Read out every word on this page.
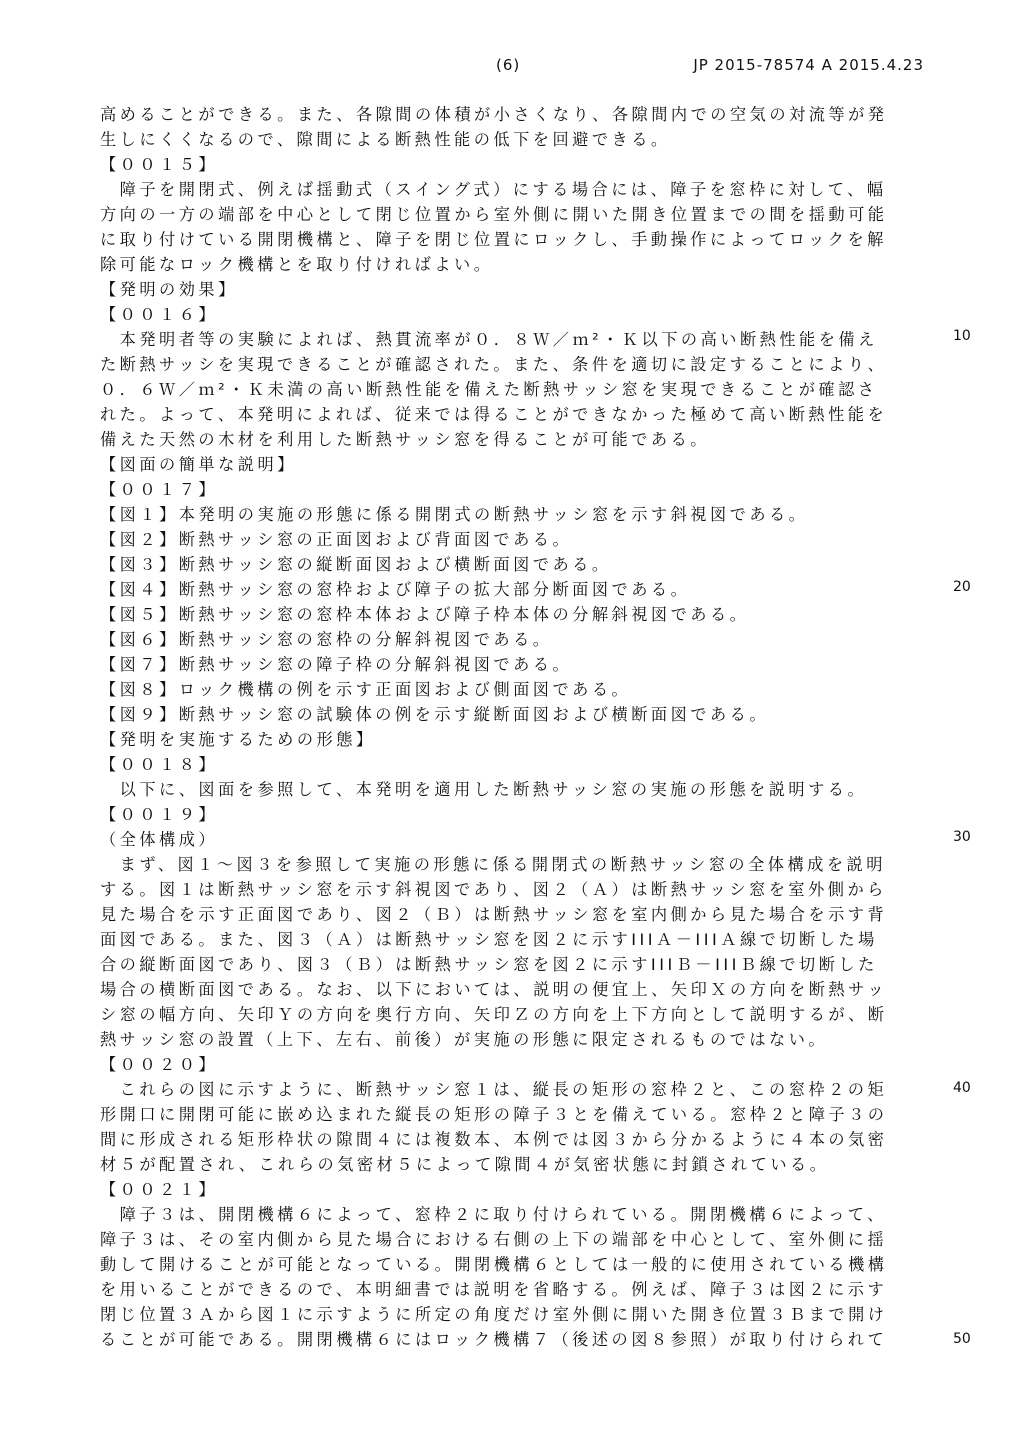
(6)	JP 2015-78574 A 2015.4.23
高めることができる。また、各隙間の体積が小さくなり、各隙間内での空気の対流等が発
生しにくくなるので、隙間による断熱性能の低下を回避できる。
【００１５】
　障子を開閉式、例えば揺動式（スイング式）にする場合には、障子を窓枠に対して、幅
方向の一方の端部を中心として閉じ位置から室外側に開いた開き位置までの間を揺動可能
に取り付けている開閉機構と、障子を閉じ位置にロックし、手動操作によってロックを解
除可能なロック機構とを取り付ければよい。
【発明の効果】
【００１６】
　本発明者等の実験によれば、熱貫流率が０．８Ｗ／ｍ²・Ｋ以下の高い断熱性能を備え
た断熱サッシを実現できることが確認された。また、条件を適切に設定することにより、
０．６Ｗ／ｍ²・Ｋ未満の高い断熱性能を備えた断熱サッシ窓を実現できることが確認さ
れた。よって、本発明によれば、従来では得ることができなかった極めて高い断熱性能を
備えた天然の木材を利用した断熱サッシ窓を得ることが可能である。
【図面の簡単な説明】
【００１７】
【図１】本発明の実施の形態に係る開閉式の断熱サッシ窓を示す斜視図である。
【図２】断熱サッシ窓の正面図および背面図である。
【図３】断熱サッシ窓の縦断面図および横断面図である。
【図４】断熱サッシ窓の窓枠および障子の拡大部分断面図である。
【図５】断熱サッシ窓の窓枠本体および障子枠本体の分解斜視図である。
【図６】断熱サッシ窓の窓枠の分解斜視図である。
【図７】断熱サッシ窓の障子枠の分解斜視図である。
【図８】ロック機構の例を示す正面図および側面図である。
【図９】断熱サッシ窓の試験体の例を示す縦断面図および横断面図である。
【発明を実施するための形態】
【００１８】
　以下に、図面を参照して、本発明を適用した断熱サッシ窓の実施の形態を説明する。
【００１９】
（全体構成）
　まず、図１～図３を参照して実施の形態に係る開閉式の断熱サッシ窓の全体構成を説明
する。図１は断熱サッシ窓を示す斜視図であり、図２（Ａ）は断熱サッシ窓を室外側から
見た場合を示す正面図であり、図２（Ｂ）は断熱サッシ窓を室内側から見た場合を示す背
面図である。また、図３（Ａ）は断熱サッシ窓を図２に示すIIIＡ－IIIＡ線で切断した場
合の縦断面図であり、図３（Ｂ）は断熱サッシ窓を図２に示すIIIＢ－IIIＢ線で切断した
場合の横断面図である。なお、以下においては、説明の便宜上、矢印Ｘの方向を断熱サッ
シ窓の幅方向、矢印Ｙの方向を奥行方向、矢印Ｚの方向を上下方向として説明するが、断
熱サッシ窓の設置（上下、左右、前後）が実施の形態に限定されるものではない。
【００２０】
　これらの図に示すように、断熱サッシ窓１は、縦長の矩形の窓枠２と、この窓枠２の矩
形開口に開閉可能に嵌め込まれた縦長の矩形の障子３とを備えている。窓枠２と障子３の
間に形成される矩形枠状の隙間４には複数本、本例では図３から分かるように４本の気密
材５が配置され、これらの気密材５によって隙間４が気密状態に封鎖されている。
【００２１】
　障子３は、開閉機構６によって、窓枠２に取り付けられている。開閉機構６によって、
障子３は、その室内側から見た場合における右側の上下の端部を中心として、室外側に揺
動して開けることが可能となっている。開閉機構６としては一般的に使用されている機構
を用いることができるので、本明細書では説明を省略する。例えば、障子３は図２に示す
閉じ位置３Ａから図１に示すように所定の角度だけ室外側に開いた開き位置３Ｂまで開け
ることが可能である。開閉機構６にはロック機構７（後述の図８参照）が取り付けられて
10
20
30
40
50
